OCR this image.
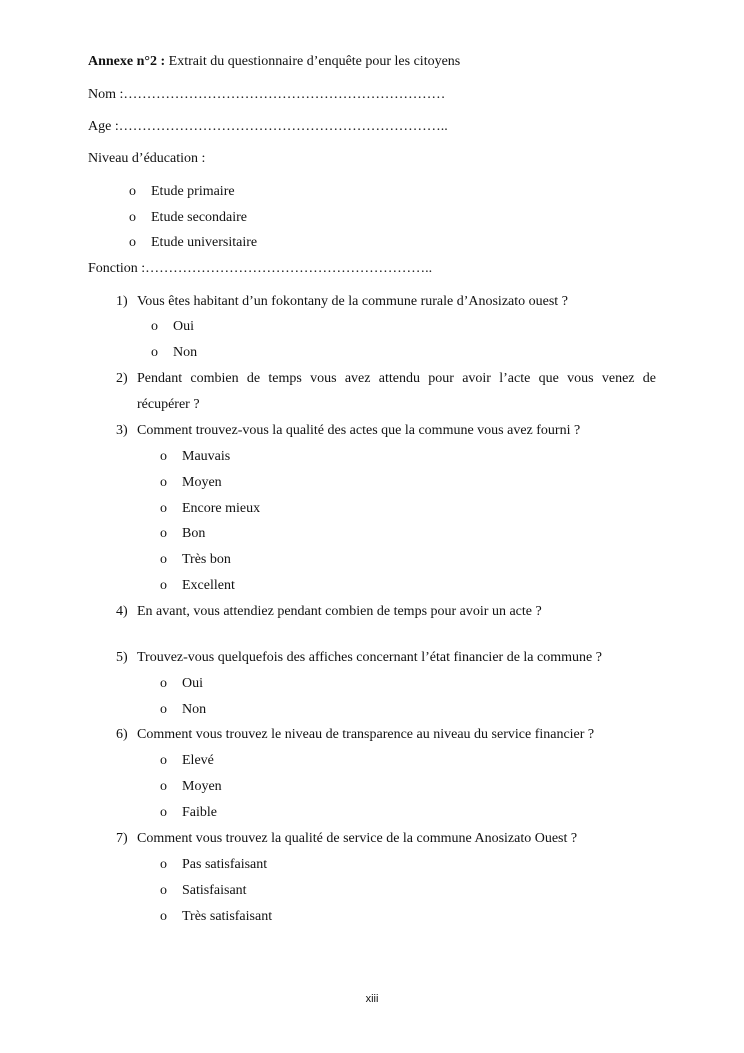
Annexe n°2 : Extrait du questionnaire d’enquête pour les citoyens
Nom :……………………………………………………………
Age :……………………………………………………………..
Niveau d’éducation :
o Etude primaire
o Etude secondaire
o Etude universitaire
Fonction :……………………………………………………..
1) Vous êtes habitant d’un fokontany de la commune rurale d’Anosizato ouest ?
o Oui
o Non
2) Pendant combien de temps vous avez attendu pour avoir l’acte que vous venez de
récupérer ?
3) Comment trouvez-vous la qualité des actes que la commune vous avez fourni ?
o Mauvais
o Moyen
o Encore mieux
o Bon
o Très bon
o Excellent
4) En avant, vous attendiez pendant combien de temps pour avoir un acte ?
5) Trouvez-vous quelquefois des affiches concernant l’état financier de la commune ?
o Oui
o Non
6) Comment vous trouvez le niveau de transparence au niveau du service financier ?
o Elevé
o Moyen
o Faible
7) Comment vous trouvez la qualité de service de la commune Anosizato Ouest ?
o Pas satisfaisant
o Satisfaisant
o Très satisfaisant
xiii
